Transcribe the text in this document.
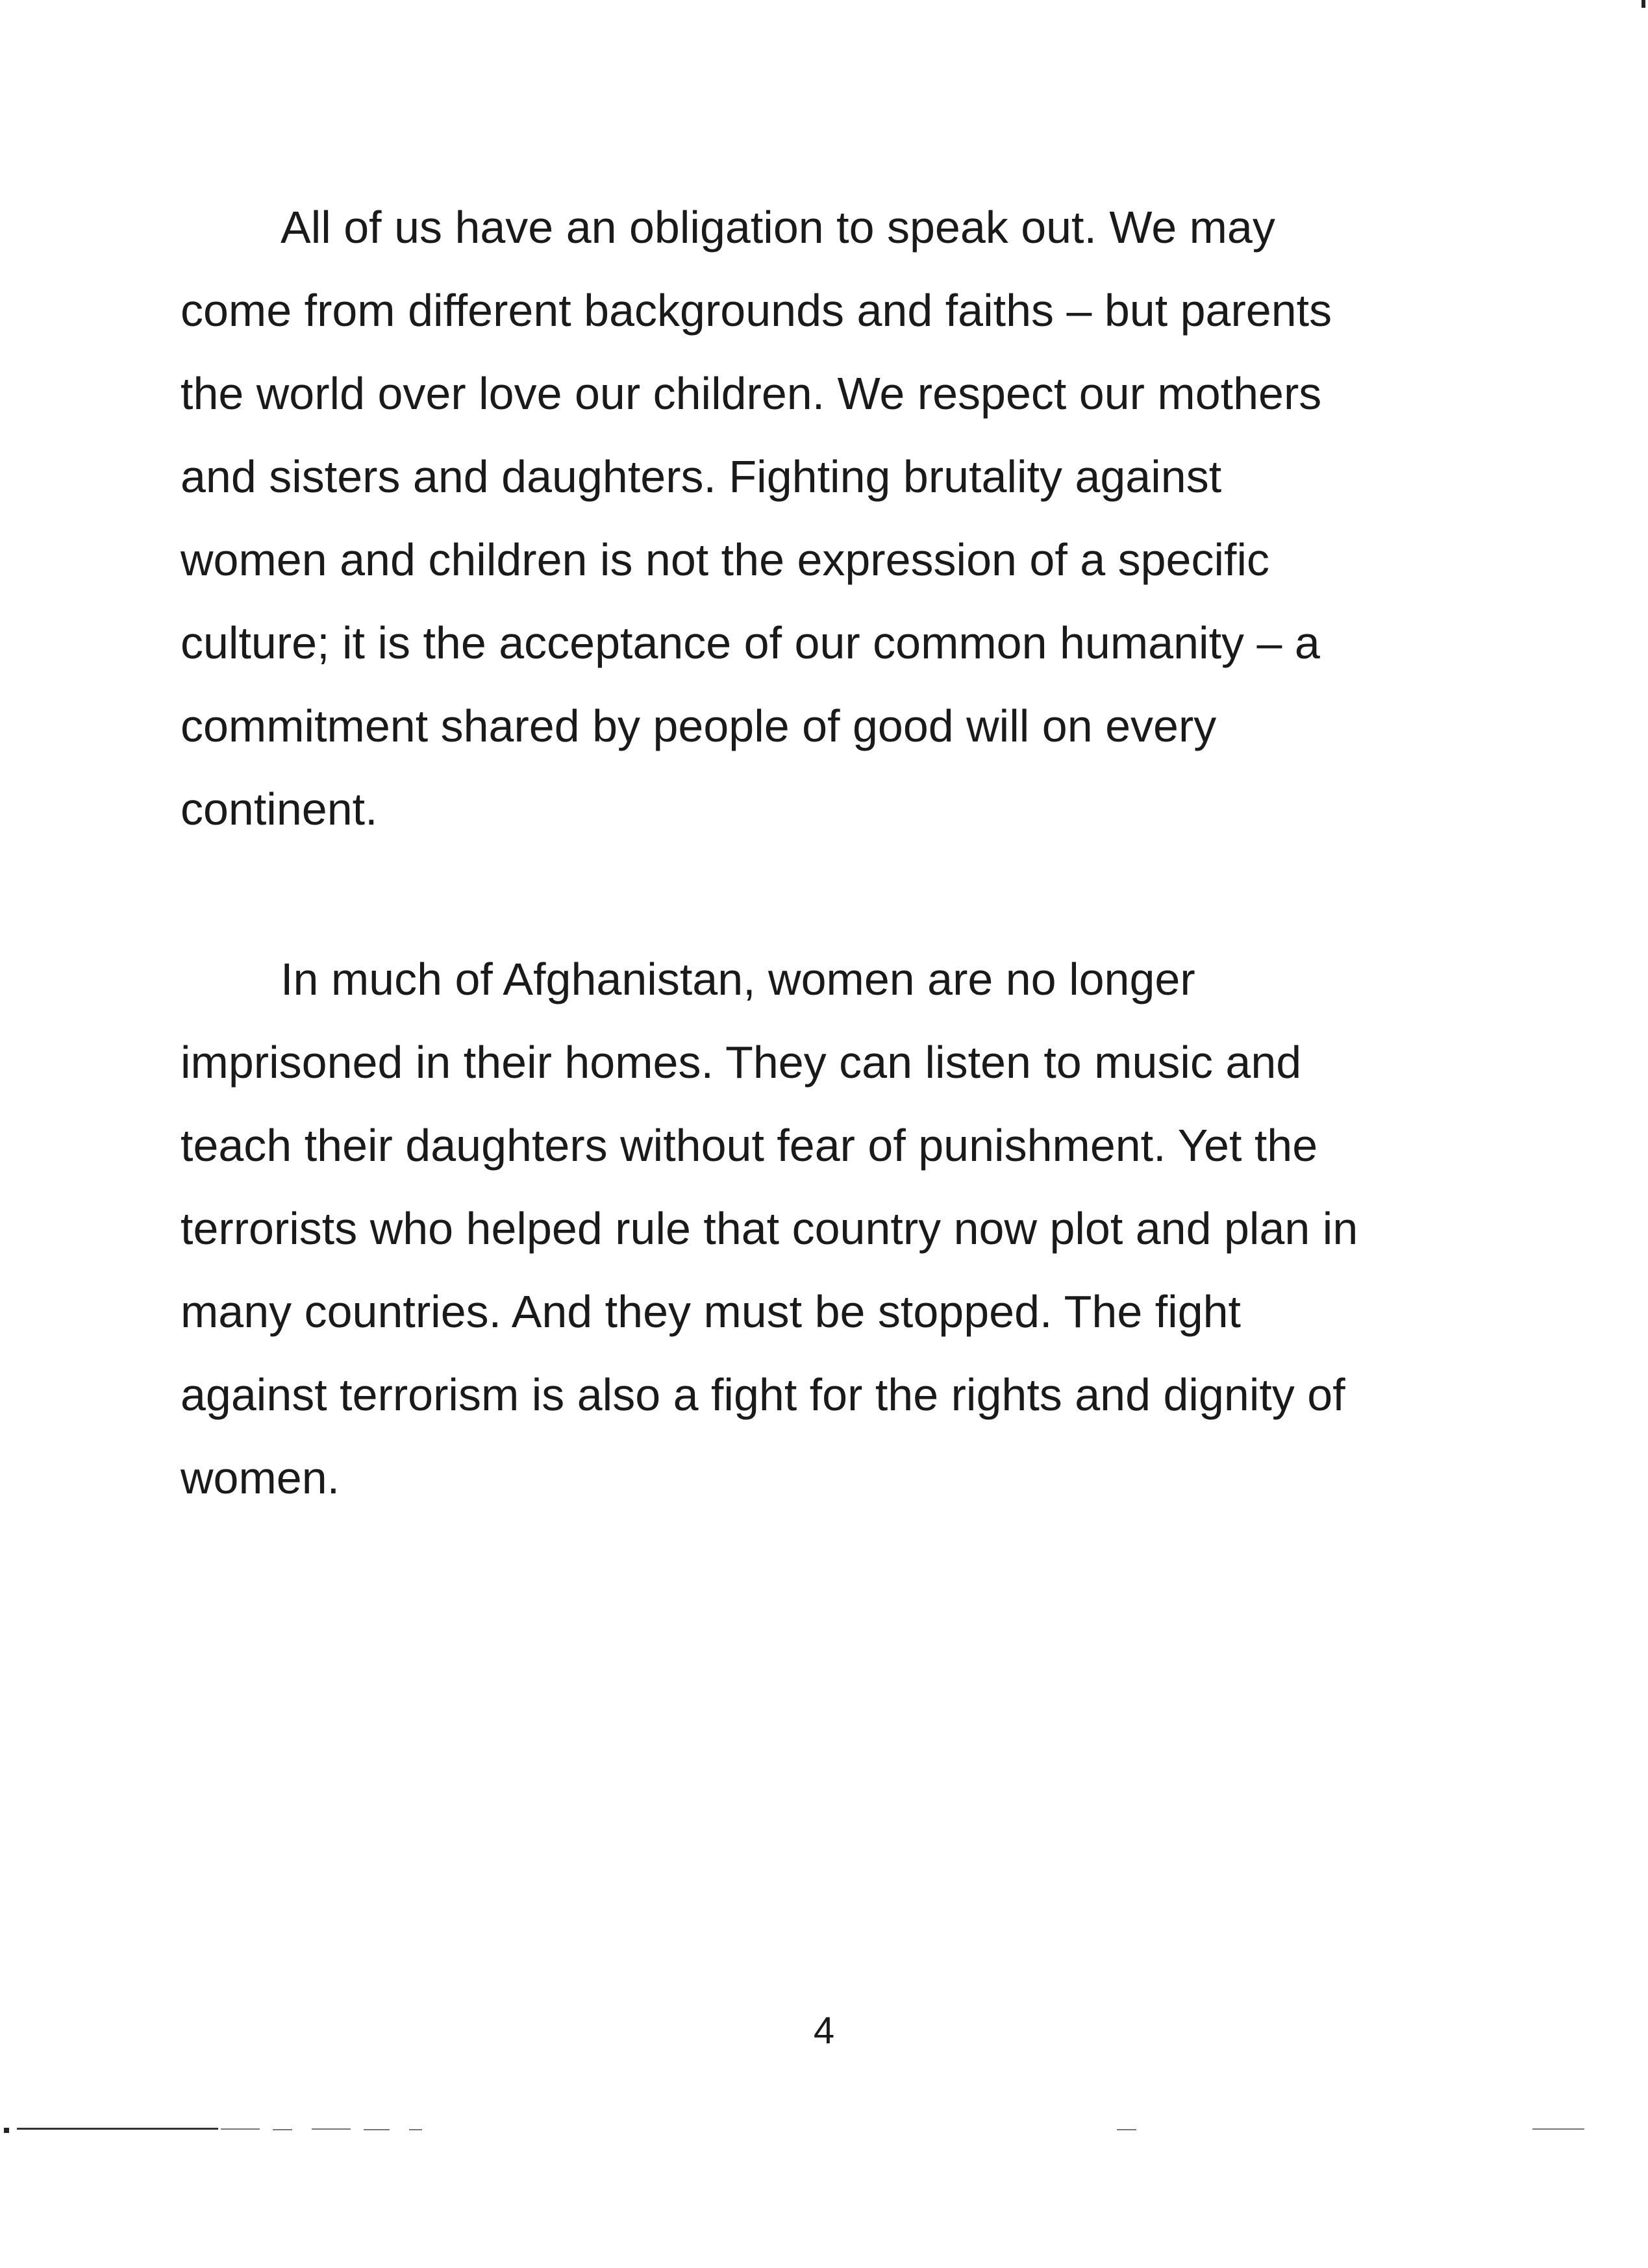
All of us have an obligation to speak out. We may
come from different backgrounds and faiths – but parents
the world over love our children. We respect our mothers
and sisters and daughters. Fighting brutality against
women and children is not the expression of a specific
culture; it is the acceptance of our common humanity – a
commitment shared by people of good will on every
continent.
In much of Afghanistan, women are no longer
imprisoned in their homes. They can listen to music and
teach their daughters without fear of punishment. Yet the
terrorists who helped rule that country now plot and plan in
many countries. And they must be stopped. The fight
against terrorism is also a fight for the rights and dignity of
women.
4
